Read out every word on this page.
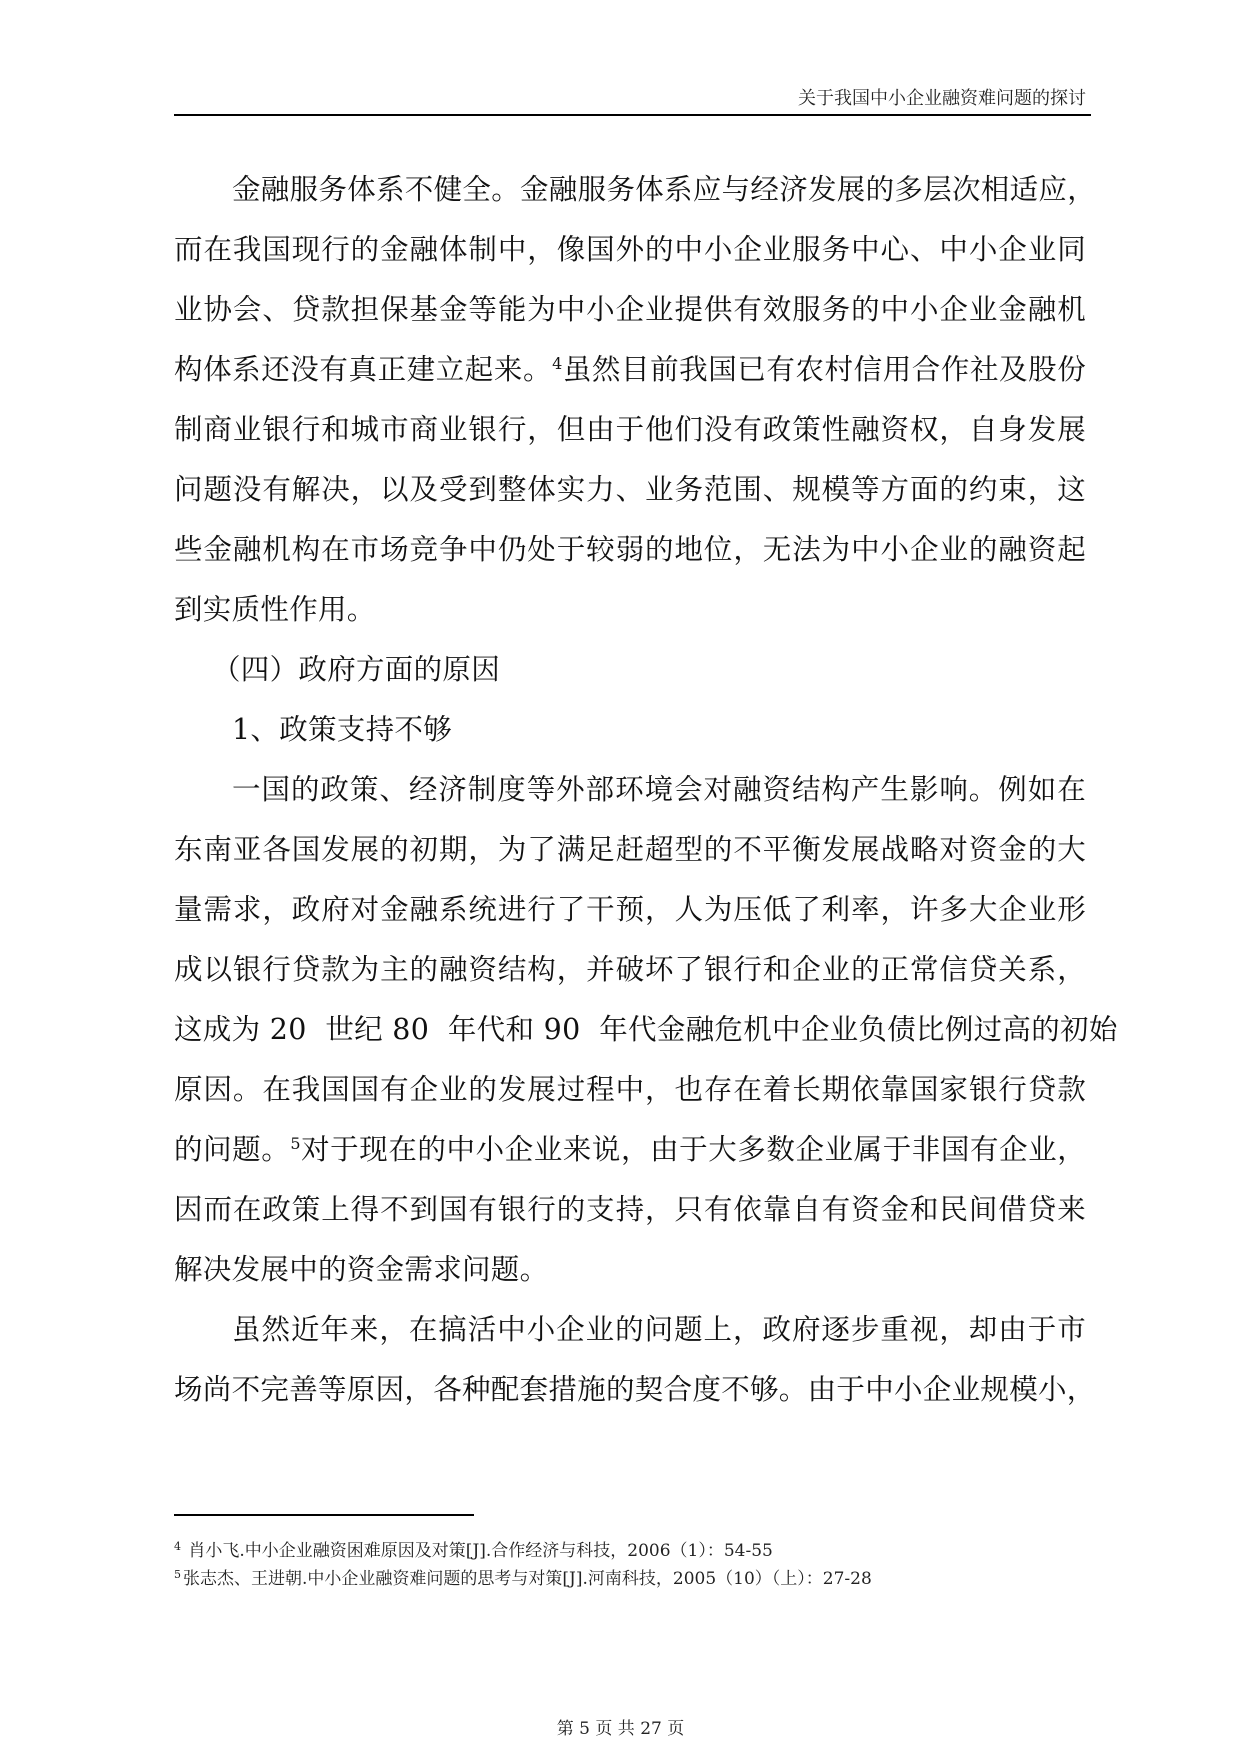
关于我国中小企业融资难问题的探讨
金融服务体系不健全。金融服务体系应与经济发展的多层次相适应，
而在我国现行的金融体制中，像国外的中小企业服务中心、中小企业同
业协会、贷款担保基金等能为中小企业提供有效服务的中小企业金融机
构体系还没有真正建立起来。$^4$虽然目前我国已有农村信用合作社及股份
制商业银行和城市商业银行，但由于他们没有政策性融资权，自身发展
问题没有解决，以及受到整体实力、业务范围、规模等方面的约束，这
些金融机构在市场竞争中仍处于较弱的地位，无法为中小企业的融资起
到实质性作用。
（四）政府方面的原因
1、政策支持不够
一国的政策、经济制度等外部环境会对融资结构产生影响。例如在
东南亚各国发展的初期，为了满足赶超型的不平衡发展战略对资金的大
量需求，政府对金融系统进行了干预，人为压低了利率，许多大企业形
成以银行贷款为主的融资结构，并破坏了银行和企业的正常信贷关系，
这成为 20  世纪 80  年代和 90  年代金融危机中企业负债比例过高的初始
原因。在我国国有企业的发展过程中，也存在着长期依靠国家银行贷款
的问题。$^5$对于现在的中小企业来说，由于大多数企业属于非国有企业，
因而在政策上得不到国有银行的支持，只有依靠自有资金和民间借贷来
解决发展中的资金需求问题。
虽然近年来，在搞活中小企业的问题上，政府逐步重视，却由于市
场尚不完善等原因，各种配套措施的契合度不够。由于中小企业规模小，
$^4$ 肖小飞.中小企业融资困难原因及对策[J].合作经济与科技，2006（1）：54-55
$^5$ 张志杰、王进朝.中小企业融资难问题的思考与对策[J].河南科技，2005（10）（上）：27-28
第 5 页 共 27 页
